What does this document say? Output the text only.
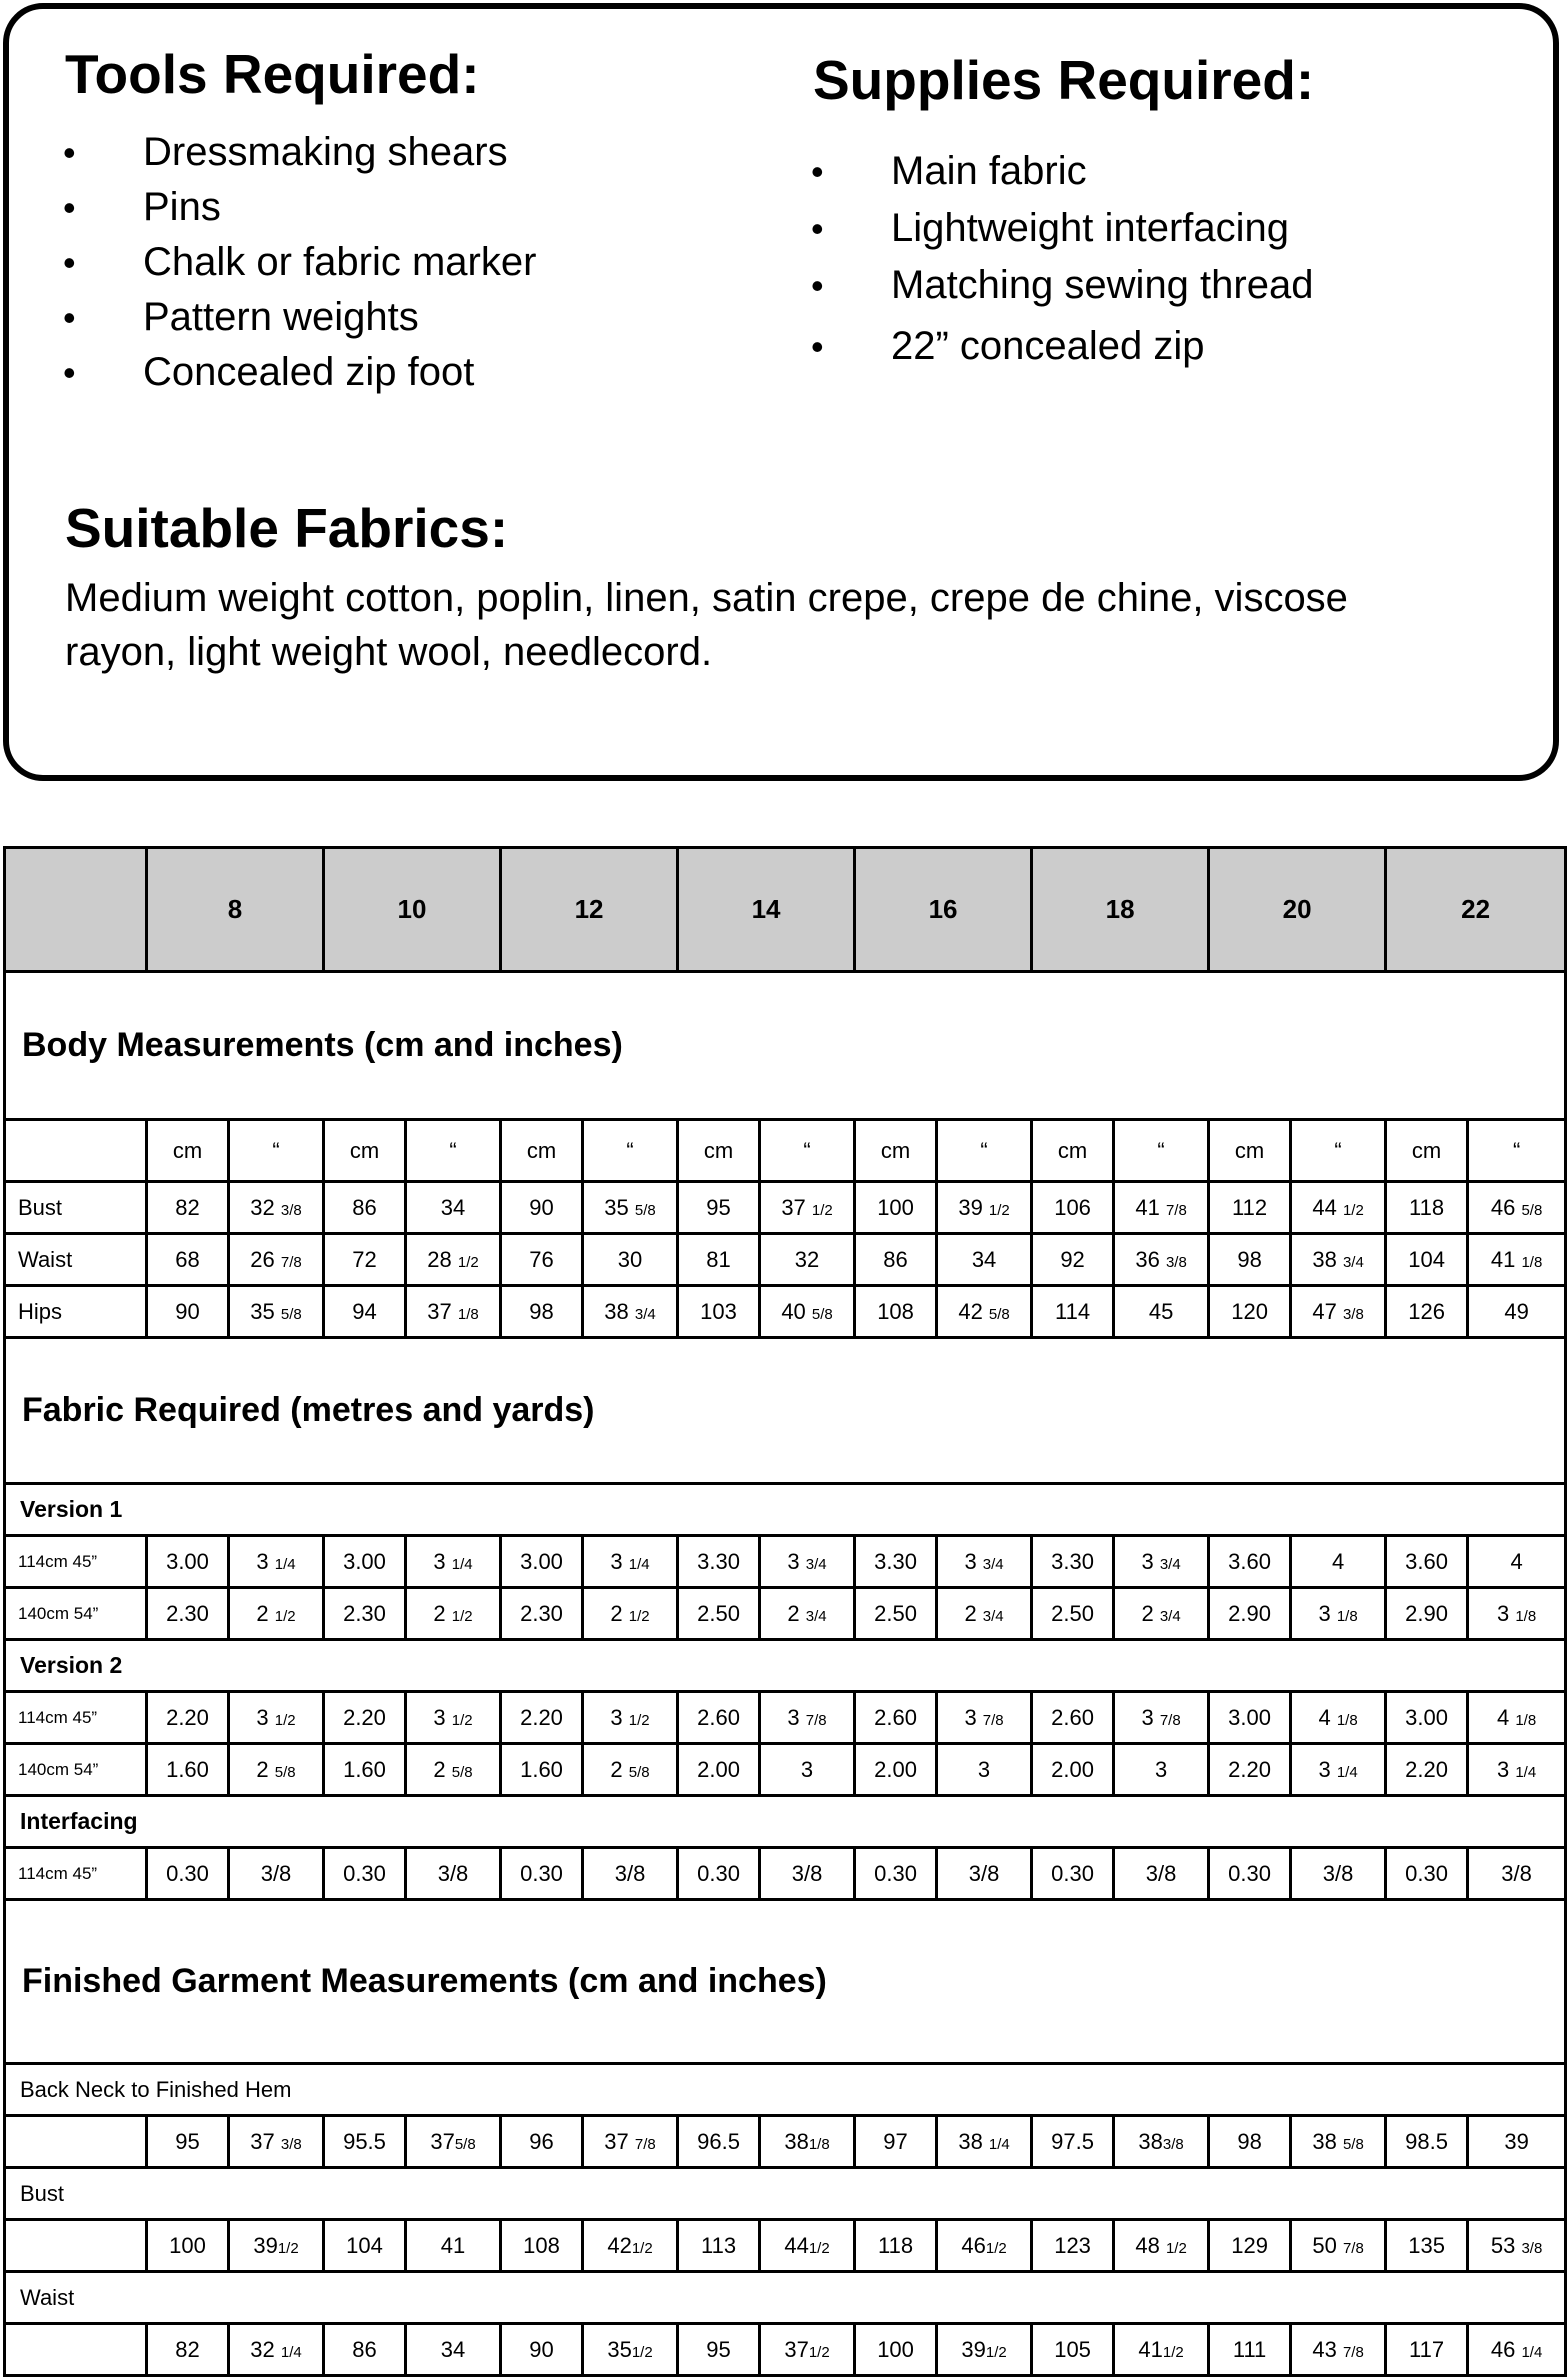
Tools Required:
• Dressmaking shears
• Pins
• Chalk or fabric marker
• Pattern weights
• Concealed zip foot
Supplies Required:
• Main fabric
• Lightweight interfacing
• Matching sewing thread
• 22” concealed zip
Suitable Fabrics:
Medium weight cotton, poplin, linen, satin crepe, crepe de chine, viscose rayon, light weight wool, needlecord.
	8		10		12		14		16		18		20		22	
Body Measurements (cm and inches)																
	cm	“	cm	“	cm	“	cm	“	cm	“	cm	“	cm	“	cm	“
Bust	82	32 3/8	86	34	90	35 5/8	95	37 1/2	100	39 1/2	106	41 7/8	112	44 1/2	118	46 5/8
Waist	68	26 7/8	72	28 1/2	76	30	81	32	86	34	92	36 3/8	98	38 3/4	104	41 1/8
Hips	90	35 5/8	94	37 1/8	98	38 3/4	103	40 5/8	108	42 5/8	114	45	120	47 3/8	126	49
Fabric Required (metres and yards)																
Version 1																
114cm 45”	3.00	3 1/4	3.00	3 1/4	3.00	3 1/4	3.30	3 3/4	3.30	3 3/4	3.30	3 3/4	3.60	4	3.60	4
140cm 54”	2.30	2 1/2	2.30	2 1/2	2.30	2 1/2	2.50	2 3/4	2.50	2 3/4	2.50	2 3/4	2.90	3 1/8	2.90	3 1/8
Version 2																
114cm 45”	2.20	3 1/2	2.20	3 1/2	2.20	3 1/2	2.60	3 7/8	2.60	3 7/8	2.60	3 7/8	3.00	4 1/8	3.00	4 1/8
140cm 54”	1.60	2 5/8	1.60	2 5/8	1.60	2 5/8	2.00	3	2.00	3	2.00	3	2.20	3 1/4	2.20	3 1/4
Interfacing																
114cm 45”	0.30	3/8	0.30	3/8	0.30	3/8	0.30	3/8	0.30	3/8	0.30	3/8	0.30	3/8	0.30	3/8
Finished Garment Measurements (cm and inches)																
Back Neck to Finished Hem																
	95	37 3/8	95.5	375/8	96	37 7/8	96.5	381/8	97	38 1/4	97.5	383/8	98	38 5/8	98.5	39
Bust																
	100	391/2	104	41	108	421/2	113	441/2	118	461/2	123	48 1/2	129	50 7/8	135	53 3/8
Waist																
	82	32 1/4	86	34	90	351/2	95	371/2	100	391/2	105	411/2	111	43 7/8	117	46 1/4
